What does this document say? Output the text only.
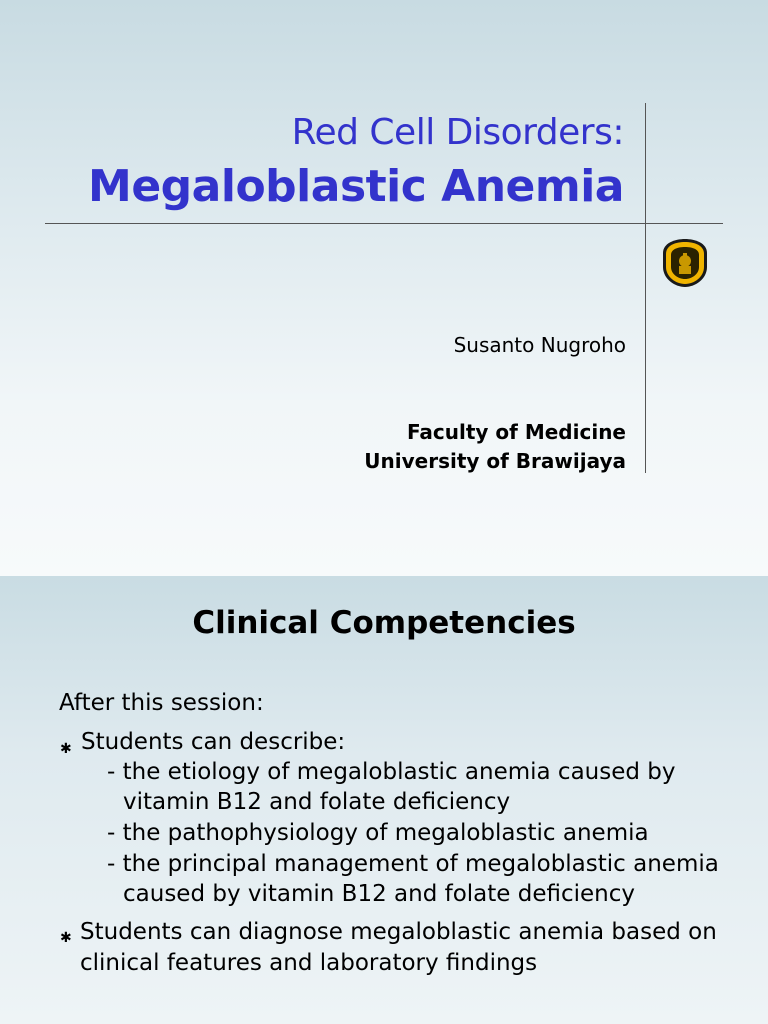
Red Cell Disorders:
Megaloblastic Anemia
Susanto Nugroho
Faculty of Medicine
University of Brawijaya
Clinical Competencies
After this session:
✱ Students can describe:
- the etiology of megaloblastic anemia caused by
vitamin B12 and folate deficiency
- the pathophysiology of megaloblastic anemia
- the principal management of megaloblastic anemia
caused by vitamin B12 and folate deficiency
✱ Students can diagnose megaloblastic anemia based on
clinical features and laboratory findings
